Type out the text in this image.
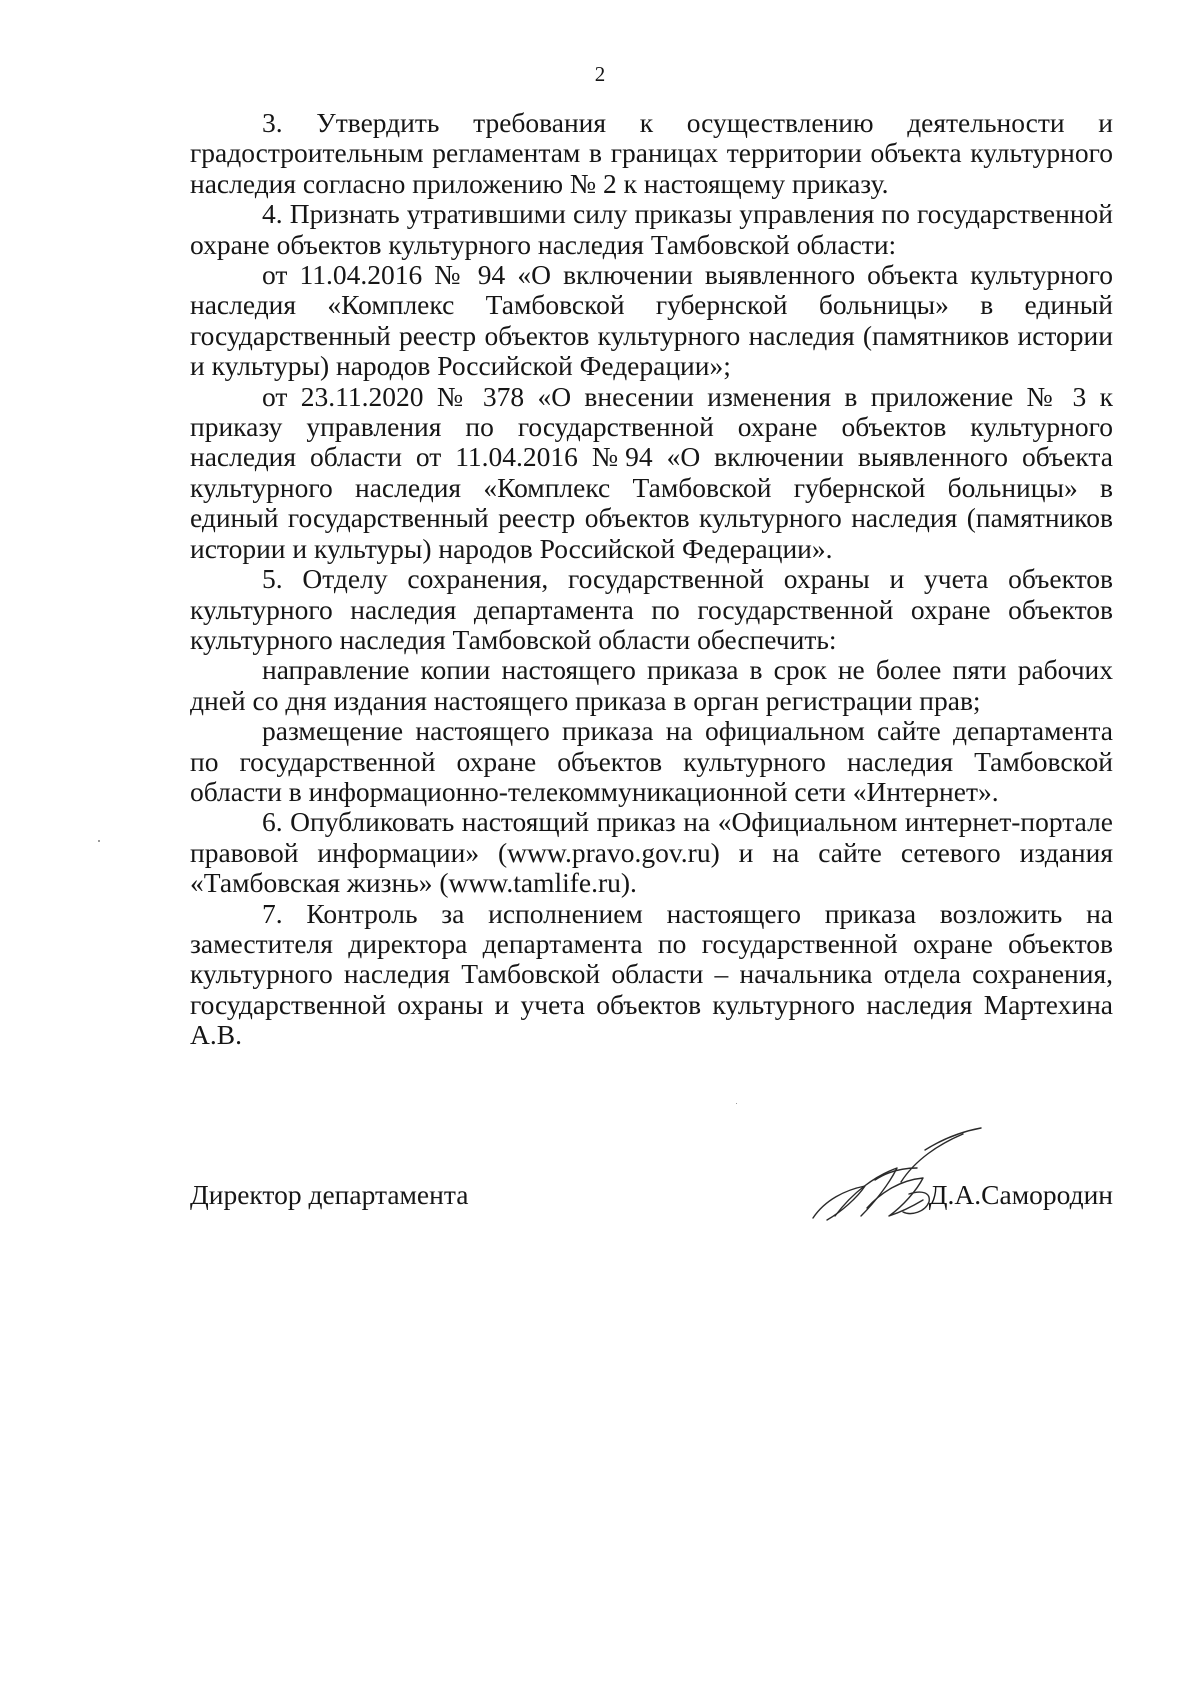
2

3. Утвердить требования к осуществлению деятельности и градостроительным регламентам в границах территории объекта культурного наследия согласно приложению № 2 к настоящему приказу.

4. Признать утратившими силу приказы управления по государственной охране объектов культурного наследия Тамбовской области:

от 11.04.2016 № 94 «О включении выявленного объекта культурного наследия «Комплекс Тамбовской губернской больницы» в единый государственный реестр объектов культурного наследия (памятников истории и культуры) народов Российской Федерации»;

от 23.11.2020 № 378 «О внесении изменения в приложение № 3 к приказу управления по государственной охране объектов культурного наследия области от 11.04.2016 №94 «О включении выявленного объекта культурного наследия «Комплекс Тамбовской губернской больницы» в единый государственный реестр объектов культурного наследия (памятников истории и культуры) народов Российской Федерации».

5. Отделу сохранения, государственной охраны и учета объектов культурного наследия департамента по государственной охране объектов культурного наследия Тамбовской области обеспечить:

направление копии настоящего приказа в срок не более пяти рабочих дней со дня издания настоящего приказа в орган регистрации прав;

размещение настоящего приказа на официальном сайте департамента по государственной охране объектов культурного наследия Тамбовской области в информационно-телекоммуникационной сети «Интернет».

6. Опубликовать настоящий приказ на «Официальном интернет-портале правовой информации» (www.pravo.gov.ru) и на сайте сетевого издания «Тамбовская жизнь» (www.tamlife.ru).

7. Контроль за исполнением настоящего приказа возложить на заместителя директора департамента по государственной охране объектов культурного наследия Тамбовской области – начальника отдела сохранения, государственной охраны и учета объектов культурного наследия Мартехина А.В.

Директор департамента	Д.А.Самородин
